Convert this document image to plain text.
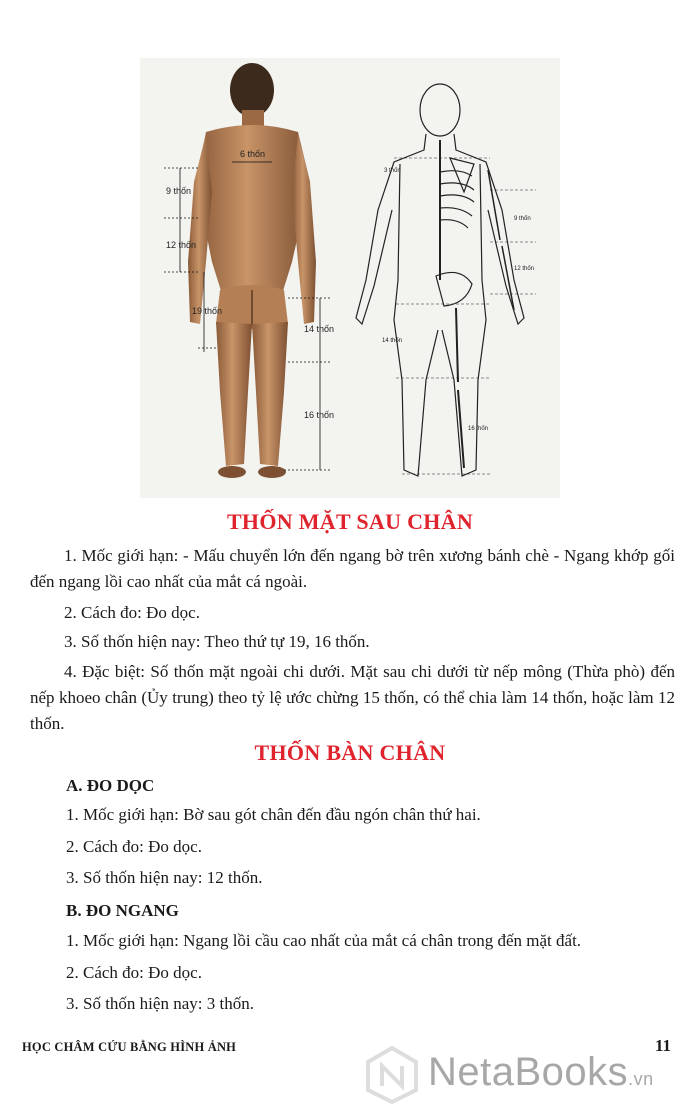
6 thốn
9 thốn
12 thốn
19 thốn
14 thốn
16 thốn
3 thốn
9 thốn
12 thốn
14 thốn
16 thốn
THỐN MẶT SAU CHÂN

1. Mốc giới hạn: - Mấu chuyển lớn đến ngang bờ trên xương bánh chè - Ngang khớp gối đến ngang lồi cao nhất của mắt cá ngoài.

2. Cách đo: Đo dọc.

3. Số thốn hiện nay: Theo thứ tự 19, 16 thốn.

4. Đặc biệt: Số thốn mặt ngoài chi dưới. Mặt sau chi dưới từ nếp mông (Thừa phò) đến nếp khoeo chân (Ủy trung) theo tỷ lệ ước chừng 15 thốn, có thể chia làm 14 thốn, hoặc làm 12 thốn.

THỐN BÀN CHÂN

A. ĐO DỌC

1. Mốc giới hạn: Bờ sau gót chân đến đầu ngón chân thứ hai.

2. Cách đo: Đo dọc.

3. Số thốn hiện nay: 12 thốn.

B. ĐO NGANG

1. Mốc giới hạn: Ngang lồi cầu cao nhất của mắt cá chân trong đến mặt đất.

2. Cách đo: Đo dọc.

3. Số thốn hiện nay: 3 thốn.

HỌC CHÂM CỨU BẰNG HÌNH ẢNH	11
NetaBooks.vn
